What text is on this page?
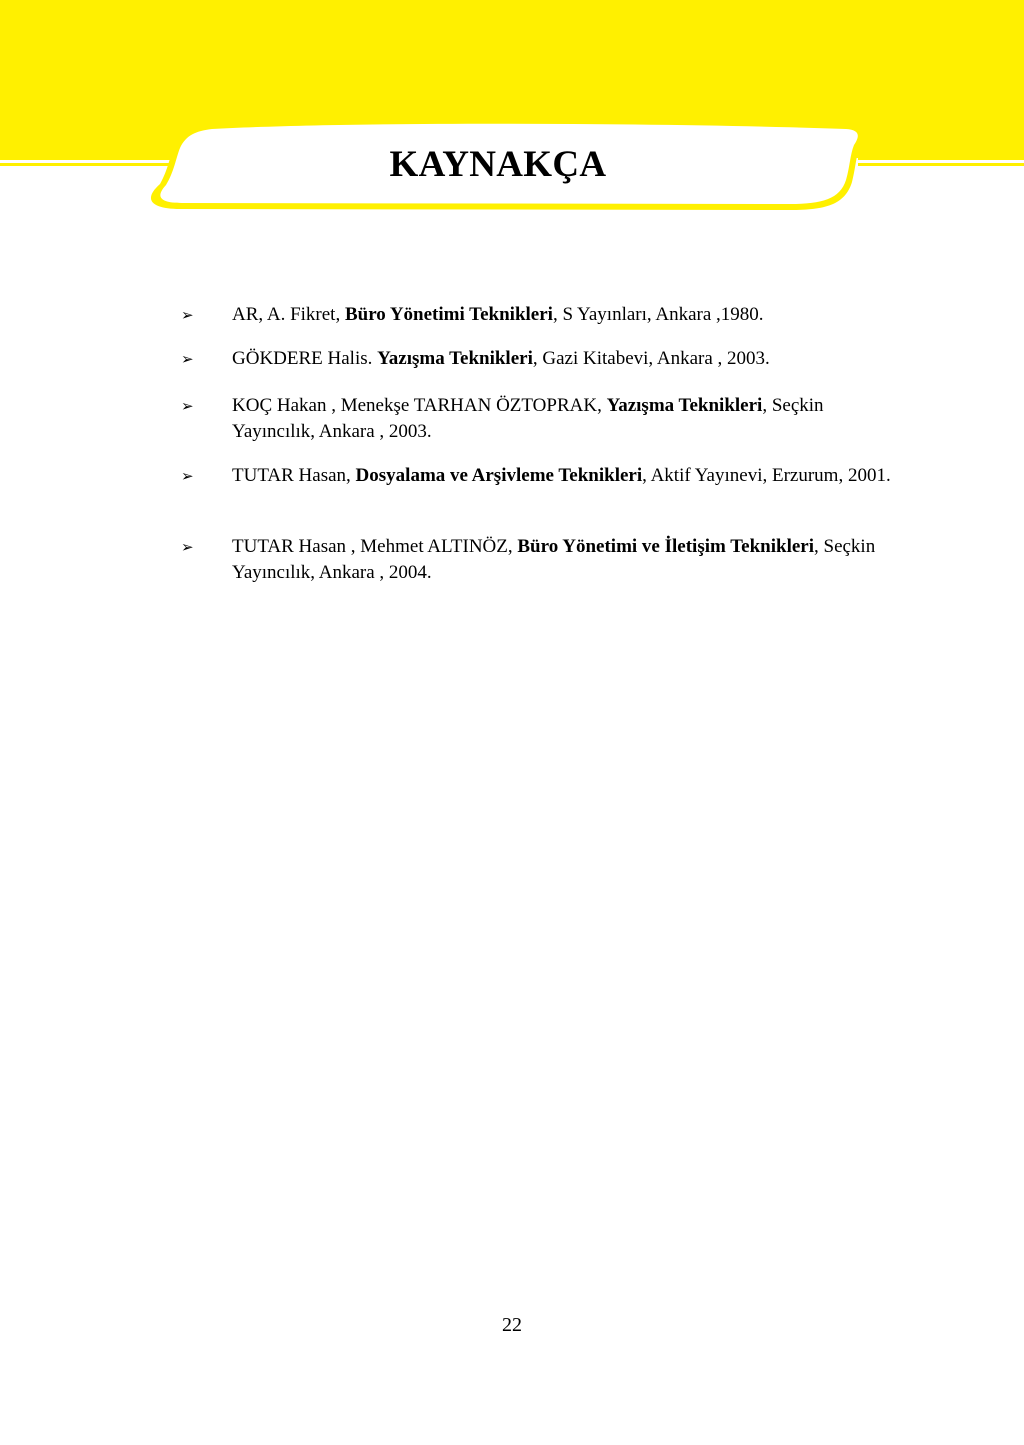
KAYNAKÇA
➢ AR, A. Fikret, Büro Yönetimi Teknikleri, S Yayınları, Ankara ,1980.
➢ GÖKDERE Halis. Yazışma Teknikleri, Gazi Kitabevi, Ankara , 2003.
➢ KOÇ Hakan , Menekşe TARHAN ÖZTOPRAK, Yazışma Teknikleri, Seçkin Yayıncılık, Ankara , 2003.
➢ TUTAR Hasan, Dosyalama ve Arşivleme Teknikleri, Aktif Yayınevi, Erzurum, 2001.
➢ TUTAR Hasan , Mehmet ALTINÖZ, Büro Yönetimi ve İletişim Teknikleri, Seçkin Yayıncılık, Ankara , 2004.
22
